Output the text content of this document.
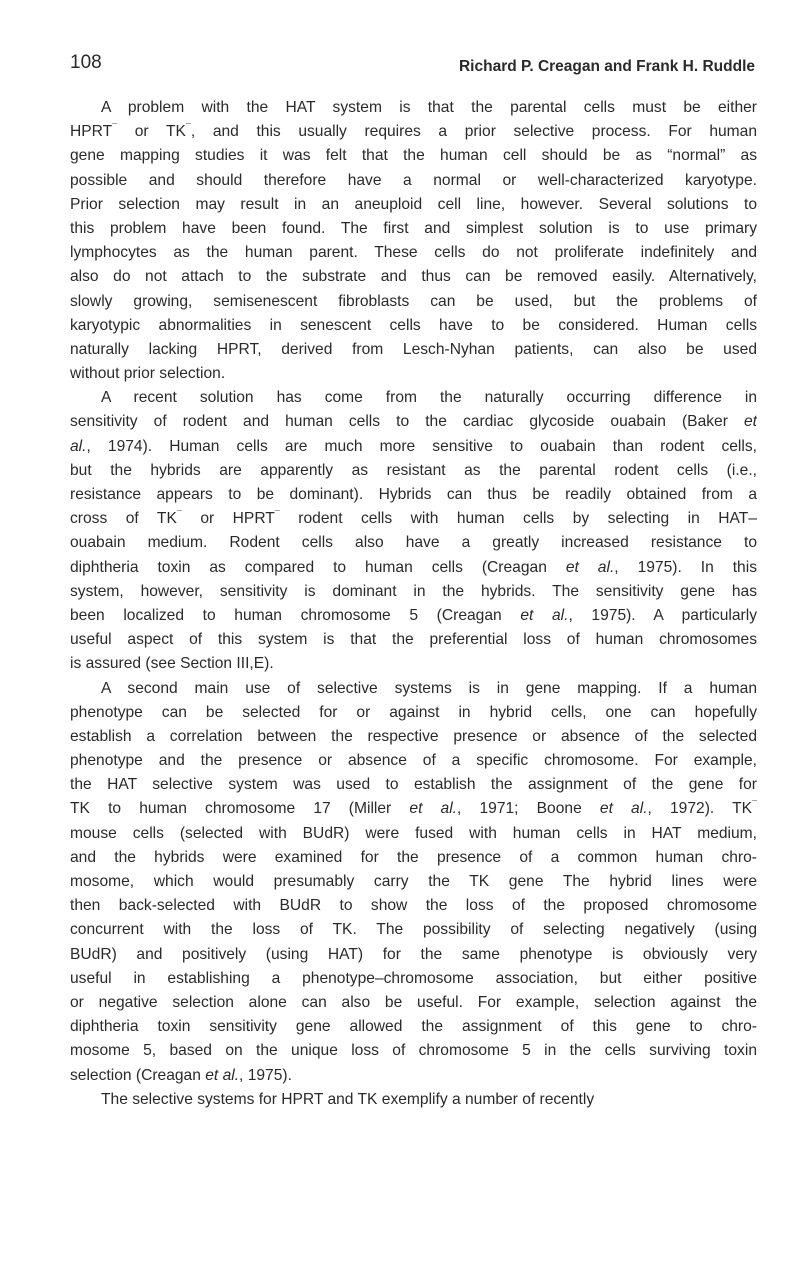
108	Richard P. Creagan and Frank H. Ruddle
A problem with the HAT system is that the parental cells must be either
HPRT¯ or TK¯, and this usually requires a prior selective process. For human
gene mapping studies it was felt that the human cell should be as “normal” as
possible and should therefore have a normal or well-characterized karyotype.
Prior selection may result in an aneuploid cell line, however. Several solutions to
this problem have been found. The first and simplest solution is to use primary
lymphocytes as the human parent. These cells do not proliferate indefinitely and
also do not attach to the substrate and thus can be removed easily. Alternatively,
slowly growing, semisenescent fibroblasts can be used, but the problems of
karyotypic abnormalities in senescent cells have to be considered. Human cells
naturally lacking HPRT, derived from Lesch-Nyhan patients, can also be used
without prior selection.
A recent solution has come from the naturally occurring difference in
sensitivity of rodent and human cells to the cardiac glycoside ouabain (Baker et
al., 1974). Human cells are much more sensitive to ouabain than rodent cells,
but the hybrids are apparently as resistant as the parental rodent cells (i.e.,
resistance appears to be dominant). Hybrids can thus be readily obtained from a
cross of TK¯ or HPRT¯ rodent cells with human cells by selecting in HAT–
ouabain medium. Rodent cells also have a greatly increased resistance to
diphtheria toxin as compared to human cells (Creagan et al., 1975). In this
system, however, sensitivity is dominant in the hybrids. The sensitivity gene has
been localized to human chromosome 5 (Creagan et al., 1975). A particularly
useful aspect of this system is that the preferential loss of human chromosomes
is assured (see Section III,E).
A second main use of selective systems is in gene mapping. If a human
phenotype can be selected for or against in hybrid cells, one can hopefully
establish a correlation between the respective presence or absence of the selected
phenotype and the presence or absence of a specific chromosome. For example,
the HAT selective system was used to establish the assignment of the gene for
TK to human chromosome 17 (Miller et al., 1971; Boone et al., 1972). TK¯
mouse cells (selected with BUdR) were fused with human cells in HAT medium,
and the hybrids were examined for the presence of a common human chro-
mosome, which would presumably carry the TK gene The hybrid lines were
then back-selected with BUdR to show the loss of the proposed chromosome
concurrent with the loss of TK. The possibility of selecting negatively (using
BUdR) and positively (using HAT) for the same phenotype is obviously very
useful in establishing a phenotype–chromosome association, but either positive
or negative selection alone can also be useful. For example, selection against the
diphtheria toxin sensitivity gene allowed the assignment of this gene to chro-
mosome 5, based on the unique loss of chromosome 5 in the cells surviving toxin
selection (Creagan et al., 1975).
The selective systems for HPRT and TK exemplify a number of recently
